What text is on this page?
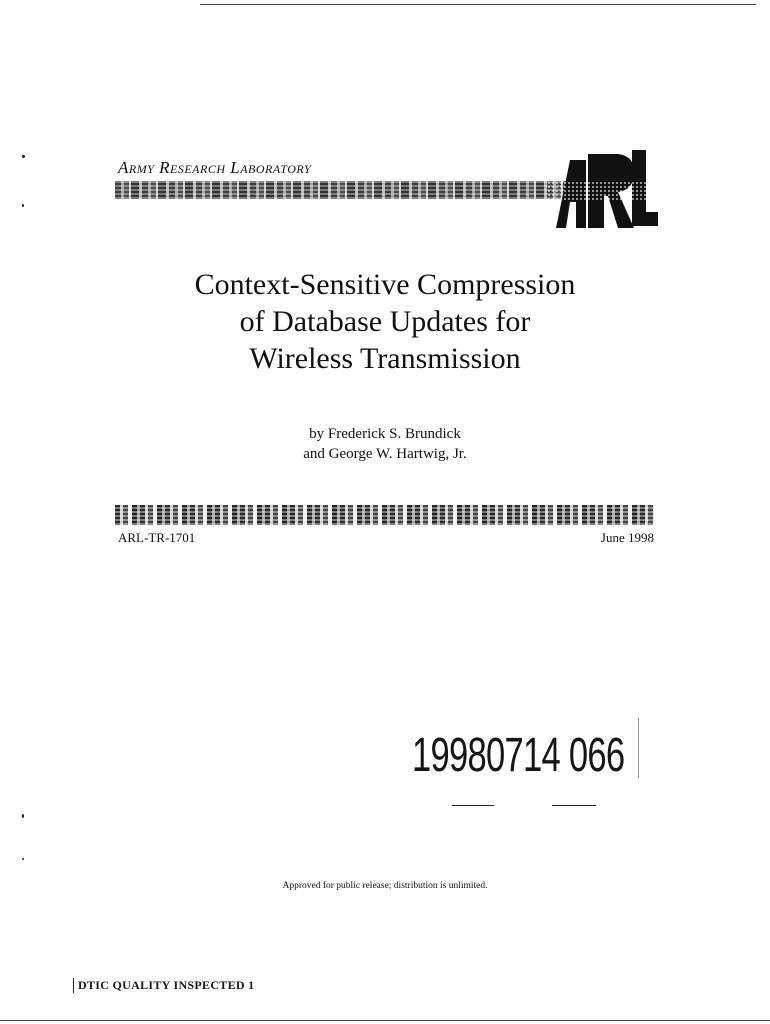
Army Research Laboratory
Context-Sensitive Compression
of Database Updates for
Wireless Transmission
by Frederick S. Brundick
and George W. Hartwig, Jr.
ARL-TR-1701	June 1998
19980714 066
Approved for public release; distribution is unlimited.
DTIC QUALITY INSPECTED 1
